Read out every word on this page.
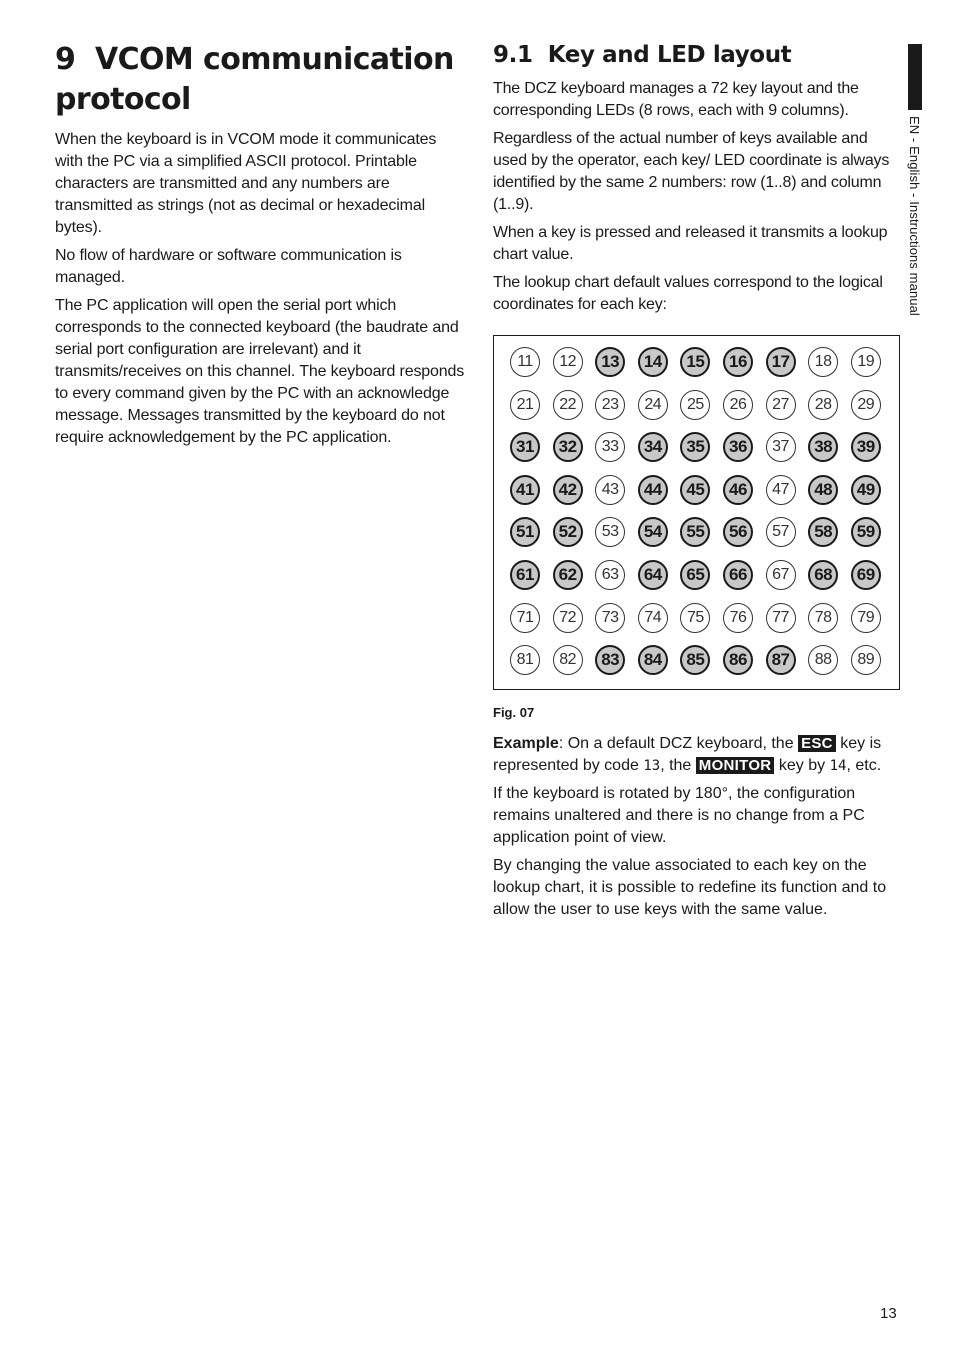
9 VCOM communication protocol

When the keyboard is in VCOM mode it communicates with the PC via a simplified ASCII protocol. Printable characters are transmitted and any numbers are transmitted as strings (not as decimal or hexadecimal bytes).

No flow of hardware or software communication is managed.

The PC application will open the serial port which corresponds to the connected keyboard (the baudrate and serial port configuration are irrelevant) and it transmits/receives on this channel. The keyboard responds to every command given by the PC with an acknowledge message. Messages transmitted by the keyboard do not require acknowledgement by the PC application.

9.1 Key and LED layout

The DCZ keyboard manages a 72 key layout and the corresponding LEDs (8 rows, each with 9 columns).

Regardless of the actual number of keys available and used by the operator, each key/ LED coordinate is always identified by the same 2 numbers: row (1..8) and column (1..9).

When a key is pressed and released it transmits a lookup chart value.

The lookup chart default values correspond to the logical coordinates for each key:

11	12	13	14	15	16	17	18	19
21	22	23	24	25	26	27	28	29
31	32	33	34	35	36	37	38	39
41	42	43	44	45	46	47	48	49
51	52	53	54	55	56	57	58	59
61	62	63	64	65	66	67	68	69
71	72	73	74	75	76	77	78	79
81	82	83	84	85	86	87	88	89
Fig. 07

Example: On a default DCZ keyboard, the ESC key is represented by code 13, the MONITOR key by 14, etc.

If the keyboard is rotated by 180°, the configuration remains unaltered and there is no change from a PC application point of view.

By changing the value associated to each key on the lookup chart, it is possible to redefine its function and to allow the user to use keys with the same value.

EN - English - Instructions manual
13
